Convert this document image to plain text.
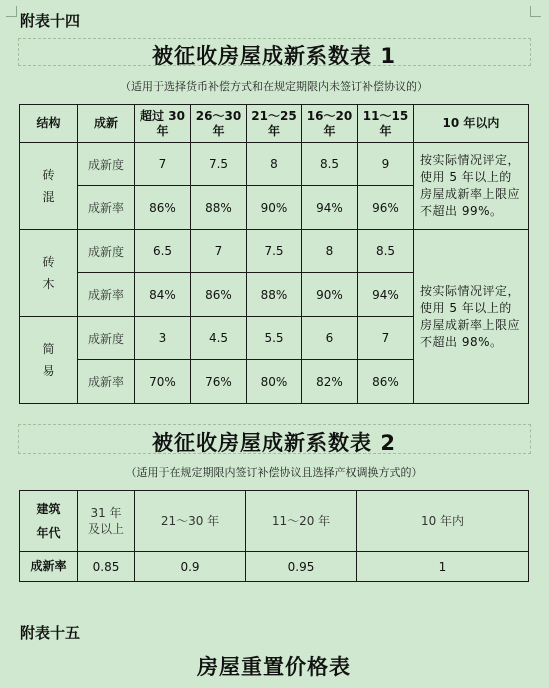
附表十四
被征收房屋成新系数表 1
（适用于选择货币补偿方式和在规定期限内未签订补偿协议的）
结构	成新	超过 30 年	26～30 年	21～25 年	16～20 年	11～15 年	10 年以内
砖混	成新度	7	7.5	8	8.5	9	按实际情况评定，使用 5 年以上的房屋成新率上限应不超出 99%。
	成新率	86%	88%	90%	94%	96%	
砖木	成新度	6.5	7	7.5	8	8.5	按实际情况评定，使用 5 年以上的房屋成新率上限应不超出 98%。
	成新率	84%	86%	88%	90%	94%	
简易	成新度	3	4.5	5.5	6	7	
	成新率	70%	76%	80%	82%	86%	
被征收房屋成新系数表 2
（适用于在规定期限内签订补偿协议且选择产权调换方式的）
建筑年代	31 年及以上	21～30 年	11～20 年	10 年内
成新率	0.85	0.9	0.95	1
附表十五
房屋重置价格表
